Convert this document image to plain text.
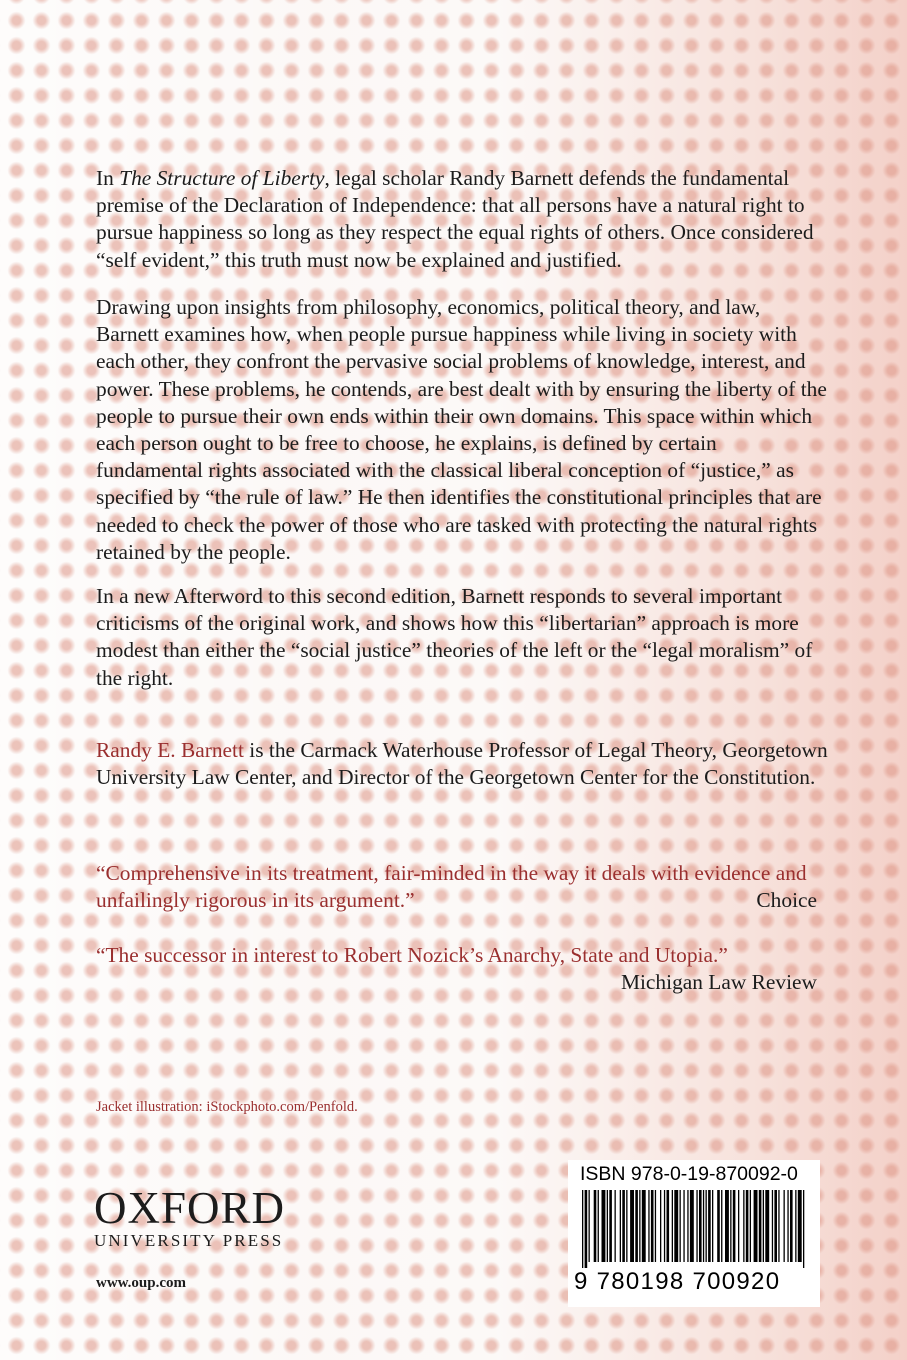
In The Structure of Liberty, legal scholar Randy Barnett defends the fundamental premise of the Declaration of Independence: that all persons have a natural right to pursue happiness so long as they respect the equal rights of others. Once considered “self evident,” this truth must now be explained and justified.

Drawing upon insights from philosophy, economics, political theory, and law, Barnett examines how, when people pursue happiness while living in society with each other, they confront the pervasive social problems of knowledge, interest, and power. These problems, he contends, are best dealt with by ensuring the liberty of the people to pursue their own ends within their own domains. This space within which each person ought to be free to choose, he explains, is defined by certain fundamental rights associated with the classical liberal conception of “justice,” as specified by “the rule of law.” He then identifies the constitutional principles that are needed to check the power of those who are tasked with protecting the natural rights retained by the people.

In a new Afterword to this second edition, Barnett responds to several important criticisms of the original work, and shows how this “libertarian” approach is more modest than either the “social justice” theories of the left or the “legal moralism” of the right.

Randy E. Barnett is the Carmack Waterhouse Professor of Legal Theory, Georgetown University Law Center, and Director of the Georgetown Center for the Constitution.

“Comprehensive in its treatment, fair-minded in the way it deals with evidence and unfailingly rigorous in its argument.”	Choice

“The successor in interest to Robert Nozick’s Anarchy, State and Utopia.”

Michigan Law Review
Jacket illustration: iStockphoto.com/Penfold.
OXFORD
UNIVERSITY PRESS
www.oup.com
ISBN 978-0-19-870092-0
9 780198 700920
